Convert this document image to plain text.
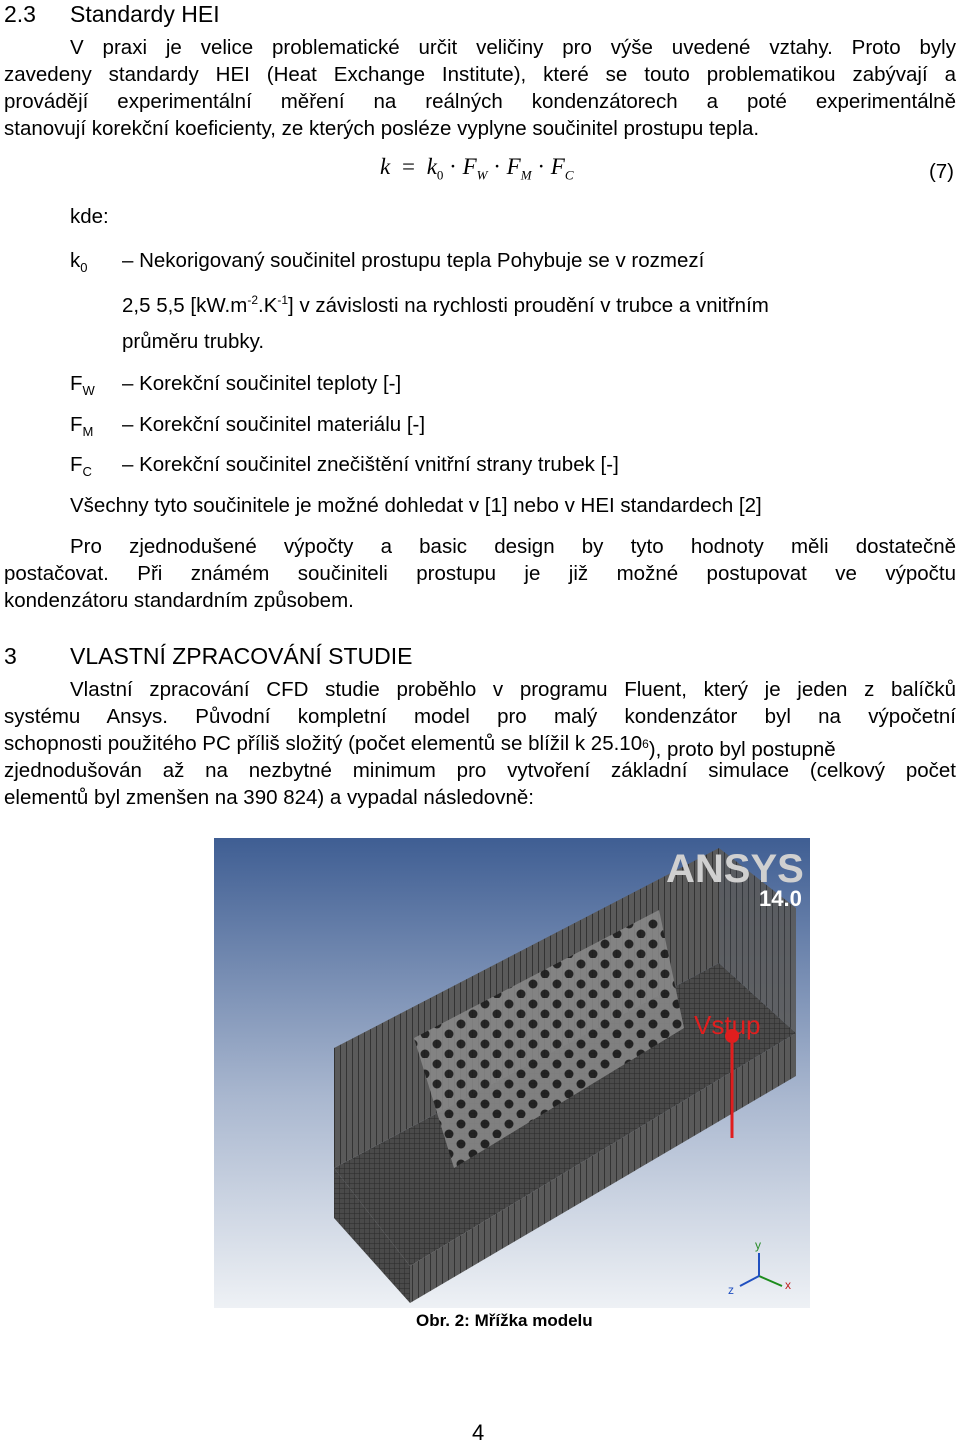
2.3 Standardy HEI
V praxi je velice problematické určit veličiny pro výše uvedené vztahy. Proto byly
zavedeny standardy HEI (Heat Exchange Institute), které se touto problematikou zabývají a
provádějí experimentální měření na reálných kondenzátorech a poté experimentálně
stanovují korekční koeficienty, ze kterých posléze vyplyne součinitel prostupu tepla.
$k = k_0 \cdot F_W \cdot F_M \cdot F_C$	(7)
kde:
$k_0$ – Nekorigovaný součinitel prostupu tepla Pohybuje se v rozmezí
2,5 5,5 $[kW.m^{-2}.K^{-1}]$ v závislosti na rychlosti proudění v trubce a vnitřním
průměru trubky.
$F_W$ – Korekční součinitel teploty [-]
$F_M$ – Korekční součinitel materiálu [-]
$F_C$ – Korekční součinitel znečištění vnitřní strany trubek [-]
Všechny tyto součinitele je možné dohledat v [1] nebo v HEI standardech [2]
Pro zjednodušené výpočty a basic design by tyto hodnoty měli dostatečně
postačovat. Při známém součiniteli prostupu je již možné postupovat ve výpočtu
kondenzátoru standardním způsobem.
3 VLASTNÍ ZPRACOVÁNÍ STUDIE
Vlastní zpracování CFD studie proběhlo v programu Fluent, který je jeden z balíčků
systému Ansys. Původní kompletní model pro malý kondenzátor byl na výpočetní
schopnosti použitého PC příliš složitý (počet elementů se blížil k 25.10 $^6$), proto byl postupně
zjednodušován až na nezbytné minimum pro vytvoření základní simulace (celkový počet
elementů byl zmenšen na 390 824) a vypadal následovně:
x
y
z
ANSYS
14.0
Vstup
Obr. 2: Mřížka modelu
4
